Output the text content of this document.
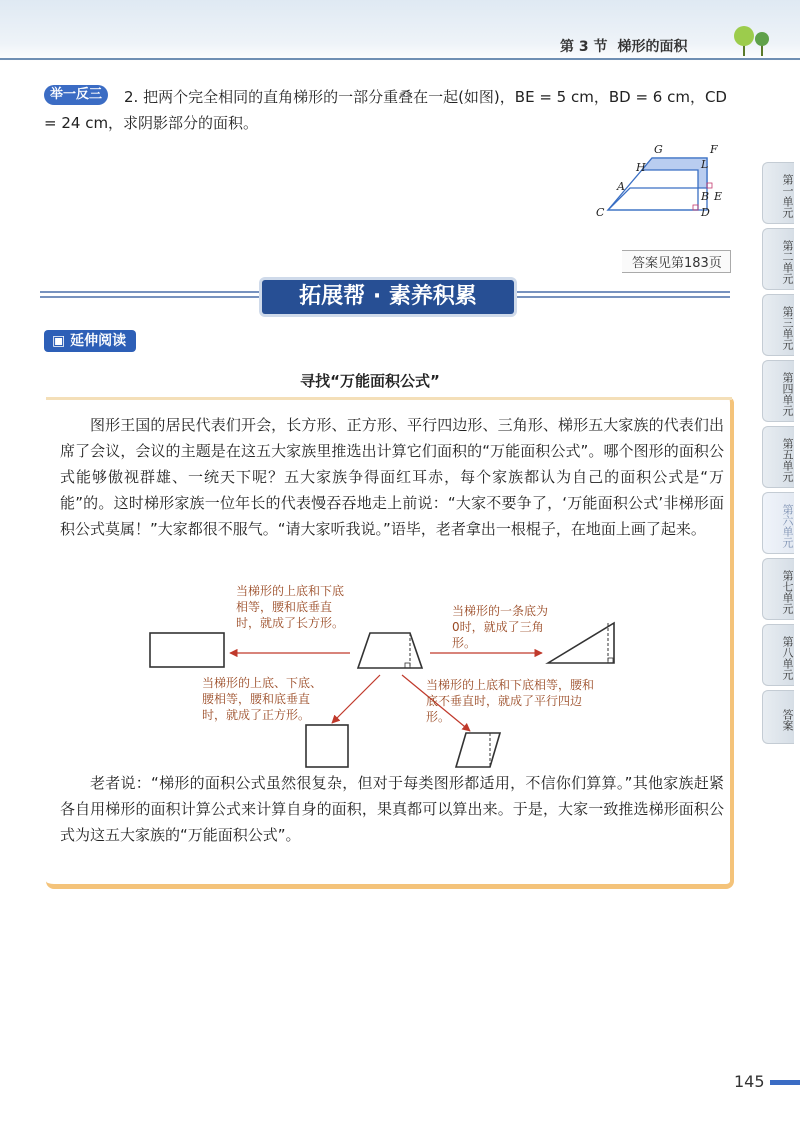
第 3 节 梯形的面积
2. 把两个完全相同的直角梯形的一部分重叠在一起(如图)，BE = 5 cm，BD = 6 cm，CD = 24 cm，求阴影部分的面积。
举一反三
G	F
H	L
A
B E
C	D
答案见第183页
拓展帮 · 素养积累
▣ 延伸阅读
寻找“万能面积公式”
图形王国的居民代表们开会，长方形、正方形、平行四边形、三角形、梯形五大家族的代表们出席了会议，会议的主题是在这五大家族里推选出计算它们面积的“万能面积公式”。哪个图形的面积公式能够傲视群雄、一统天下呢？五大家族争得面红耳赤，每个家族都认为自己的面积公式是“万能”的。这时梯形家族一位年长的代表慢吞吞地走上前说：“大家不要争了，‘万能面积公式’非梯形面积公式莫属！”大家都很不服气。“请大家听我说。”语毕，老者拿出一根棍子，在地面上画了起来。
当梯形的上底和下底相等，腰和底垂直时，就成了长方形。
当梯形的一条底为0时，就成了三角形。
当梯形的上底、下底、腰相等，腰和底垂直时，就成了正方形。
当梯形的上底和下底相等，腰和底不垂直时，就成了平行四边形。
老者说：“梯形的面积公式虽然很复杂，但对于每类图形都适用，不信你们算算。”其他家族赶紧各自用梯形的面积计算公式来计算自身的面积，果真都可以算出来。于是，大家一致推选梯形面积公式为这五大家族的“万能面积公式”。
第一单元
第二单元
第三单元
第四单元
第五单元
第六单元
第七单元
第八单元
答案
145
